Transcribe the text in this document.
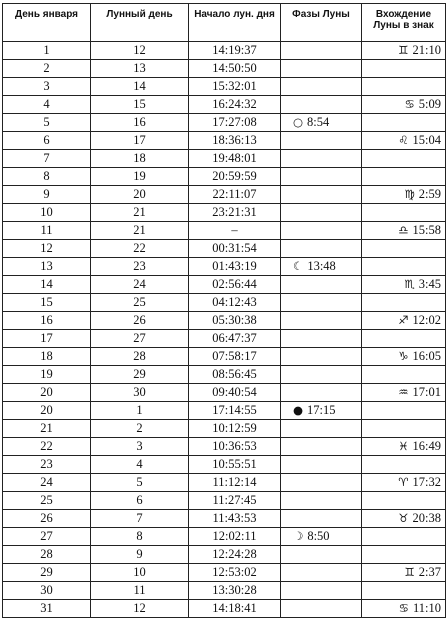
День января	Лунный день	Начало лун. дня	Фазы Луны	Вхождение Луны в знак
1	12	14:19:37		♊ 21:10
2	13	14:50:50		
3	14	15:32:01		
4	15	16:24:32		♋ 5:09
5	16	17:27:08	○ 8:54	
6	17	18:36:13		♌ 15:04
7	18	19:48:01		
8	19	20:59:59		
9	20	22:11:07		♍ 2:59
10	21	23:21:31		
11	21	–		♎ 15:58
12	22	00:31:54		
13	23	01:43:19	☾ 13:48	
14	24	02:56:44		♏ 3:45
15	25	04:12:43		
16	26	05:30:38		♐ 12:02
17	27	06:47:37		
18	28	07:58:17		♑ 16:05
19	29	08:56:45		
20	30	09:40:54		♒ 17:01
20	1	17:14:55	● 17:15	
21	2	10:12:59		
22	3	10:36:53		♓ 16:49
23	4	10:55:51		
24	5	11:12:14		♈ 17:32
25	6	11:27:45		
26	7	11:43:53		♉ 20:38
27	8	12:02:11	☽ 8:50	
28	9	12:24:28		
29	10	12:53:02		♊ 2:37
30	11	13:30:28		
31	12	14:18:41		♋ 11:10
